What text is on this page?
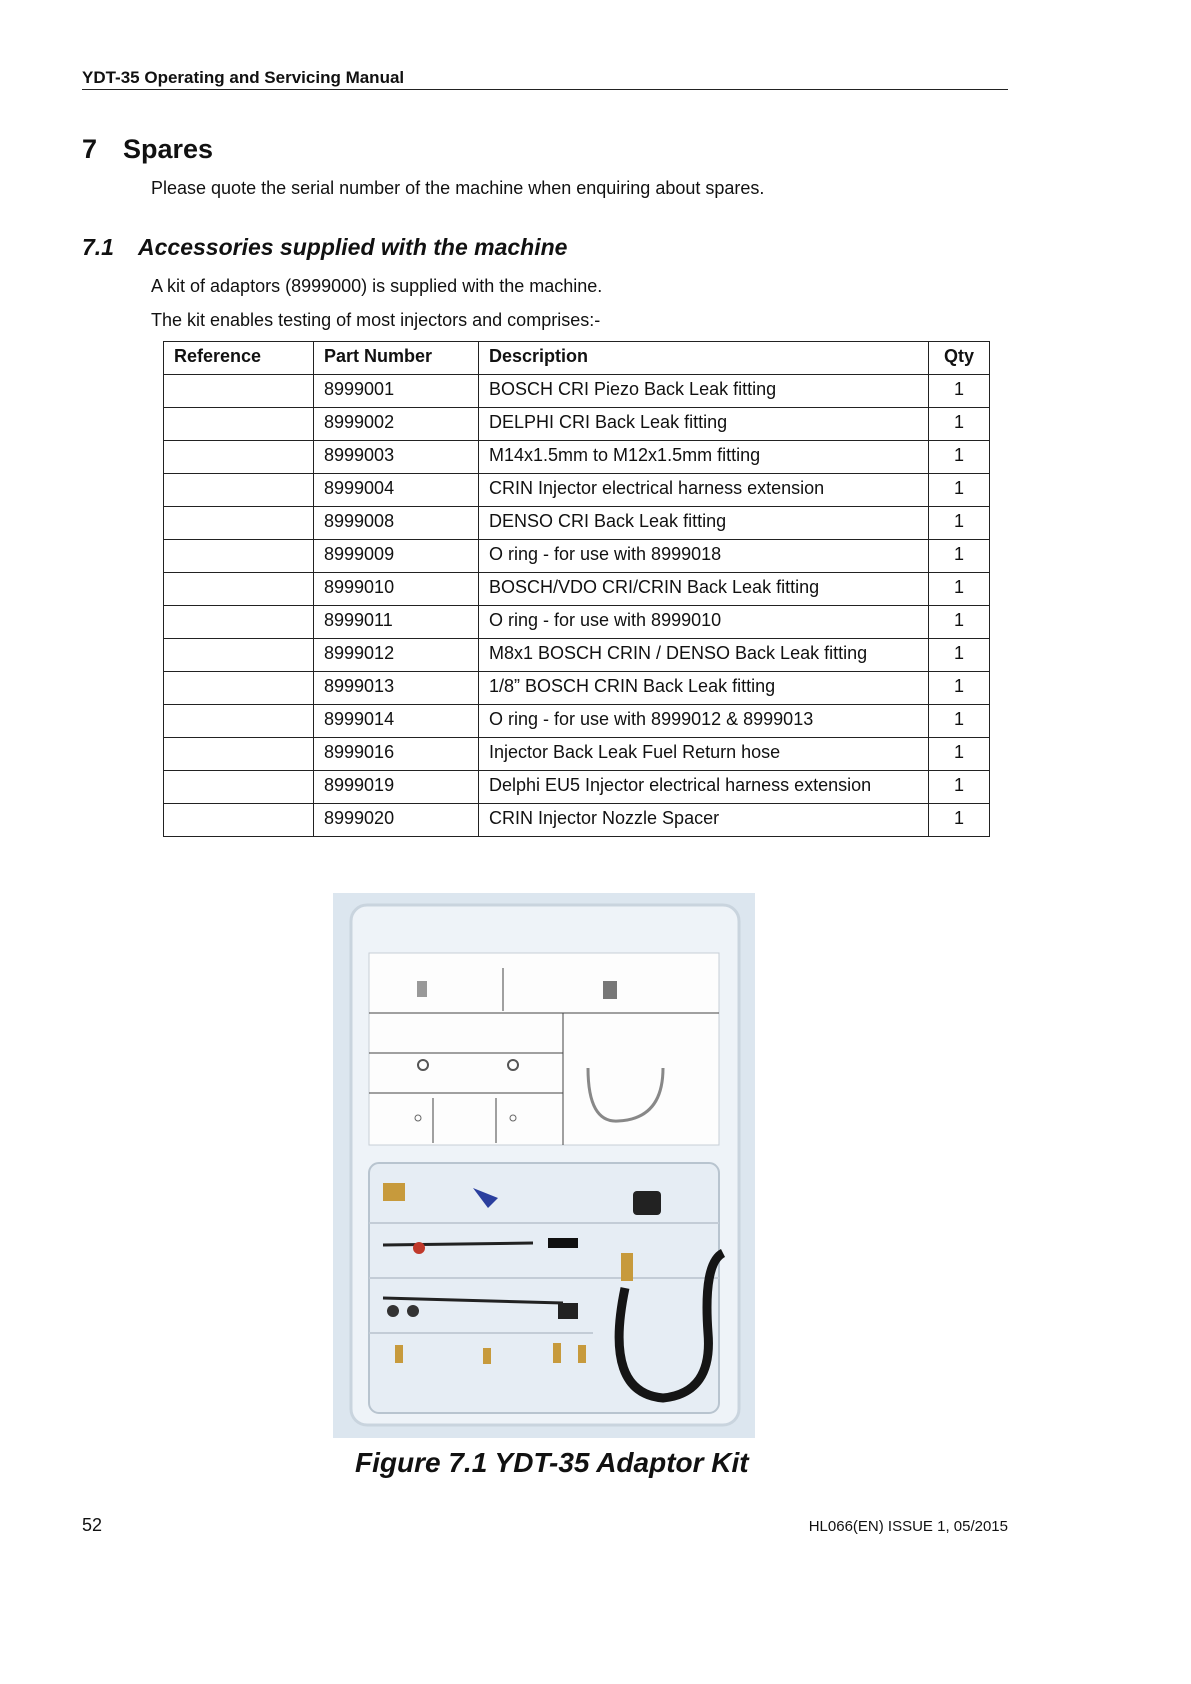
YDT-35 Operating and Servicing Manual
7 Spares
Please quote the serial number of the machine when enquiring about spares.
7.1 Accessories supplied with the machine
A kit of adaptors (8999000) is supplied with the machine.
The kit enables testing of most injectors and comprises:-
Reference	Part Number	Description	Qty
	8999001	BOSCH CRI Piezo Back Leak fitting	1
	8999002	DELPHI CRI Back Leak fitting	1
	8999003	M14x1.5mm to M12x1.5mm fitting	1
	8999004	CRIN Injector electrical harness extension	1
	8999008	DENSO CRI Back Leak fitting	1
	8999009	O ring - for use with 8999018	1
	8999010	BOSCH/VDO CRI/CRIN Back Leak fitting	1
	8999011	O ring - for use with 8999010	1
	8999012	M8x1 BOSCH CRIN / DENSO Back Leak fitting	1
	8999013	1/8” BOSCH CRIN Back Leak fitting	1
	8999014	O ring - for use with 8999012 & 8999013	1
	8999016	Injector Back Leak Fuel Return hose	1
	8999019	Delphi EU5 Injector electrical harness extension	1
	8999020	CRIN Injector Nozzle Spacer	1
Figure 7.1 YDT-35 Adaptor Kit
52	HL066(EN) ISSUE 1, 05/2015
